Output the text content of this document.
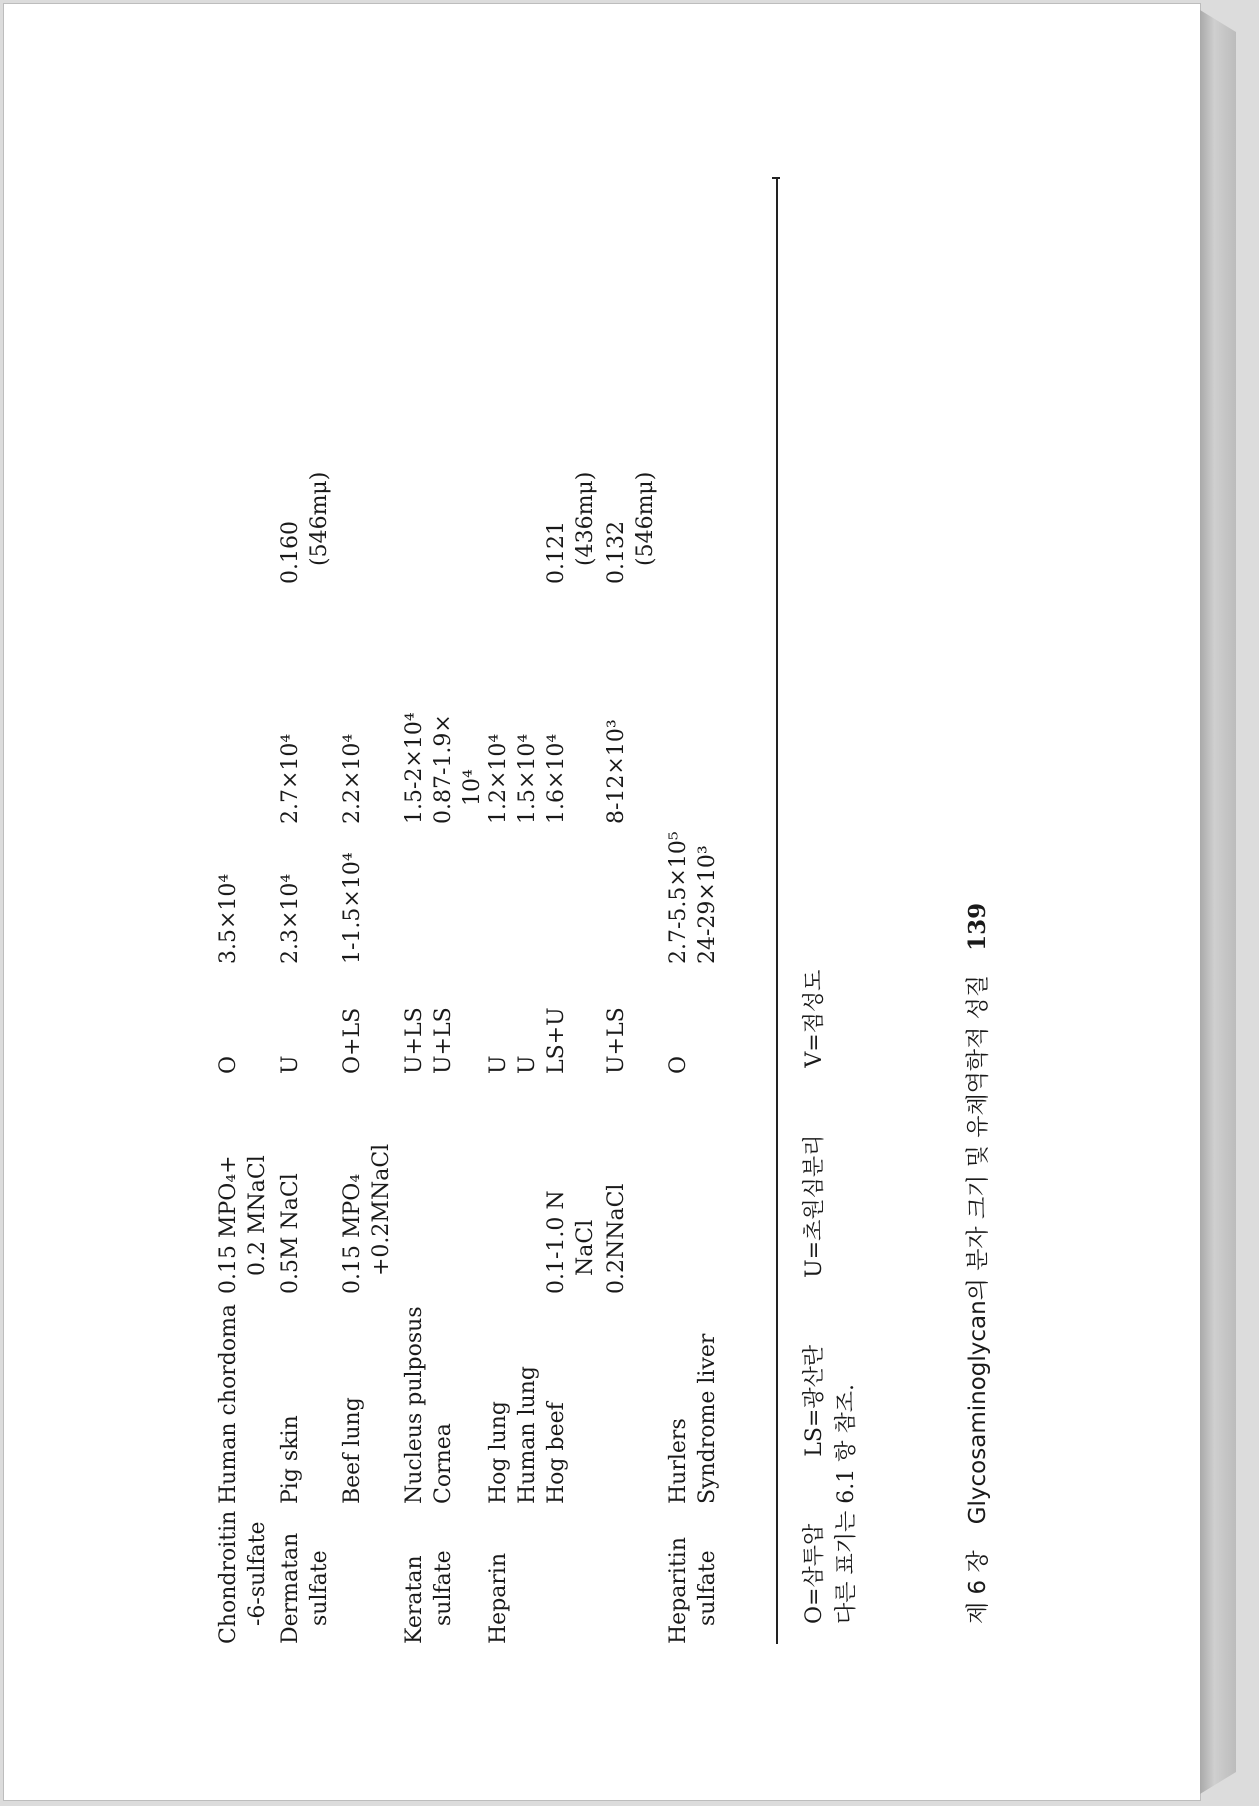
Chondroitin -6-sulfate
Human chordoma
0.15 MPO₄+ 0.2 MNaCl
O
3.5×10⁴
Dermatan sulfate
Pig skin
0.5M NaCl
U
2.3×10⁴
2.7×10⁴
0.160 (546mμ)
Beef lung
0.15 MPO₄ +0.2MNaCl
O+LS
1-1.5×10⁴
2.2×10⁴
Keratan sulfate
Nucleus pulposus
U+LS
1.5-2×10⁴
Cornea
U+LS
0.87-1.9× 10⁴
Heparin
Hog lung
U
1.2×10⁴
Human lung
U
1.5×10⁴
Hog beef
0.1-1.0 N NaCl
LS+U
1.6×10⁴
0.121 (436mμ)
0.2NNaCl
U+LS
8-12×10³
0.132 (546mμ)
Heparitin sulfate
Hurlers
O
2.7-5.5×10⁵
Syndrome liver
24-29×10³
O=삼투압 LS=광산란 U=초원심분리 V=점성도
다른 표기는 6.1 항 참조.	제 6 장Glycosaminoglycan의 분자 크기 및 유체역학적 성질139
